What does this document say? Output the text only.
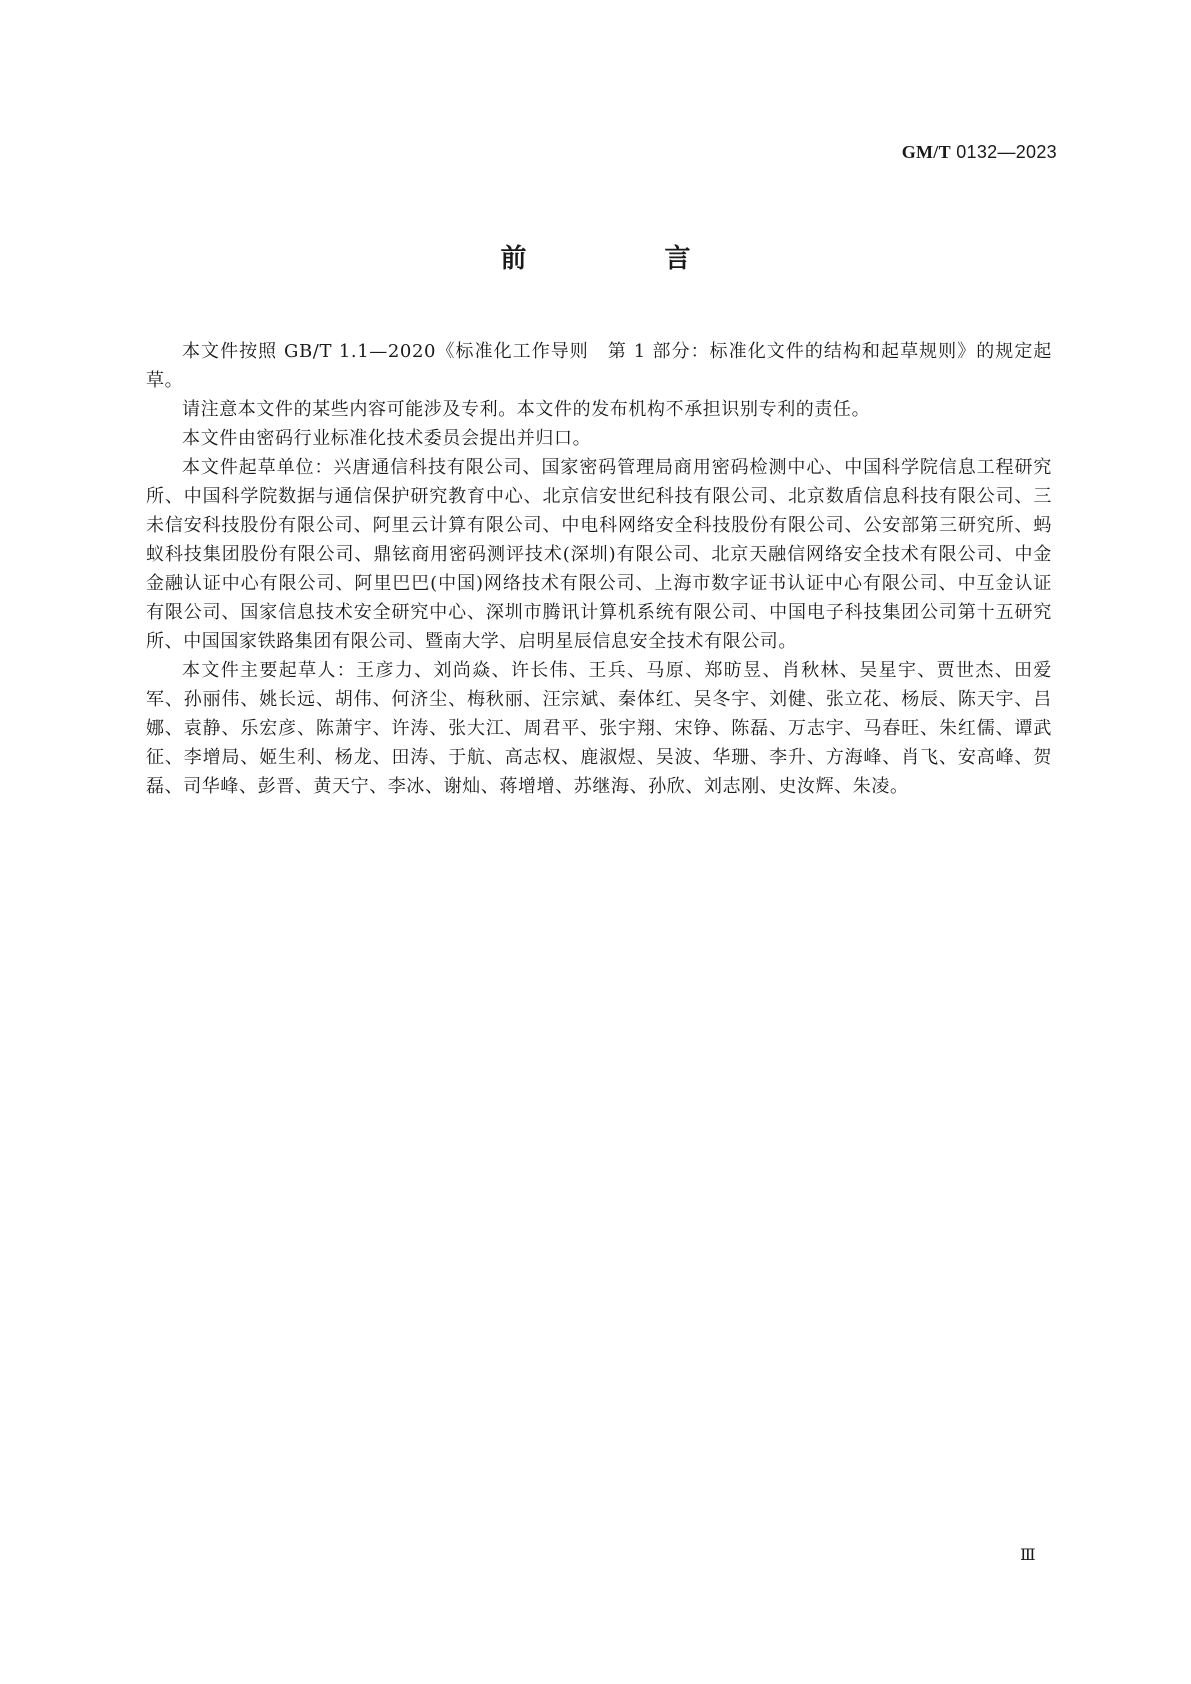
GM/T 0132—2023
前　言

本文件按照 GB/T 1.1—2020《标准化工作导则　第 1 部分：标准化文件的结构和起草规则》的规定起草。

请注意本文件的某些内容可能涉及专利。本文件的发布机构不承担识别专利的责任。

本文件由密码行业标准化技术委员会提出并归口。

本文件起草单位：兴唐通信科技有限公司、国家密码管理局商用密码检测中心、中国科学院信息工程研究所、中国科学院数据与通信保护研究教育中心、北京信安世纪科技有限公司、北京数盾信息科技有限公司、三未信安科技股份有限公司、阿里云计算有限公司、中电科网络安全科技股份有限公司、公安部第三研究所、蚂蚁科技集团股份有限公司、鼎铉商用密码测评技术(深圳)有限公司、北京天融信网络安全技术有限公司、中金金融认证中心有限公司、阿里巴巴(中国)网络技术有限公司、上海市数字证书认证中心有限公司、中互金认证有限公司、国家信息技术安全研究中心、深圳市腾讯计算机系统有限公司、中国电子科技集团公司第十五研究所、中国国家铁路集团有限公司、暨南大学、启明星辰信息安全技术有限公司。

本文件主要起草人：王彦力、刘尚焱、许长伟、王兵、马原、郑昉昱、肖秋林、吴星宇、贾世杰、田爱军、孙丽伟、姚长远、胡伟、何济尘、梅秋丽、汪宗斌、秦体红、吴冬宇、刘健、张立花、杨辰、陈天宇、吕娜、袁静、乐宏彦、陈萧宇、许涛、张大江、周君平、张宇翔、宋铮、陈磊、万志宇、马春旺、朱红儒、谭武征、李增局、姬生利、杨龙、田涛、于航、高志权、鹿淑煜、吴波、华珊、李升、方海峰、肖飞、安高峰、贺磊、司华峰、彭晋、黄天宁、李冰、谢灿、蒋增增、苏继海、孙欣、刘志刚、史汝辉、朱凌。

Ⅲ
